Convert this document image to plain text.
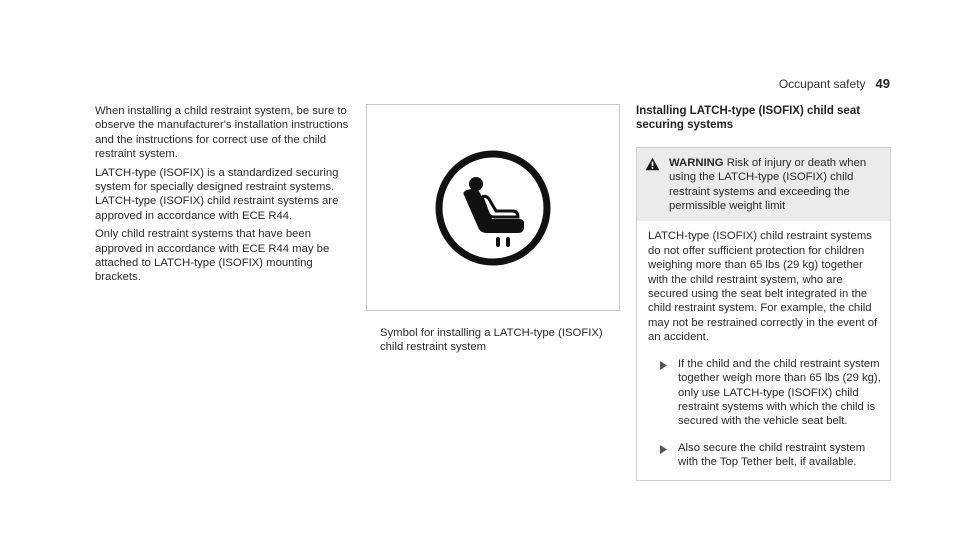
Occupant safety 49

When installing a child restraint system, be sure to observe the manufacturer's installation instructions and the instructions for correct use of the child restraint system.

LATCH-type (ISOFIX) is a standardized securing system for specially designed restraint systems. LATCH-type (ISOFIX) child restraint systems are approved in accordance with ECE R44.

Only child restraint systems that have been approved in accordance with ECE R44 may be attached to LATCH-type (ISOFIX) mounting brackets.

Symbol for installing a LATCH-type (ISOFIX) child restraint system
Installing LATCH-type (ISOFIX) child seat securing systems
WARNING Risk of injury or death when using the LATCH-type (ISOFIX) child restraint systems and exceeding the permissible weight limit

LATCH-type (ISOFIX) child restraint systems do not offer sufficient protection for children weighing more than 65 lbs (29 kg) together with the child restraint system, who are secured using the seat belt integrated in the child restraint system. For example, the child may not be restrained correctly in the event of an accident.

If the child and the child restraint system together weigh more than 65 lbs (29 kg), only use LATCH-type (ISOFIX) child restraint systems with which the child is secured with the vehicle seat belt.
Also secure the child restraint system with the Top Tether belt, if available.
